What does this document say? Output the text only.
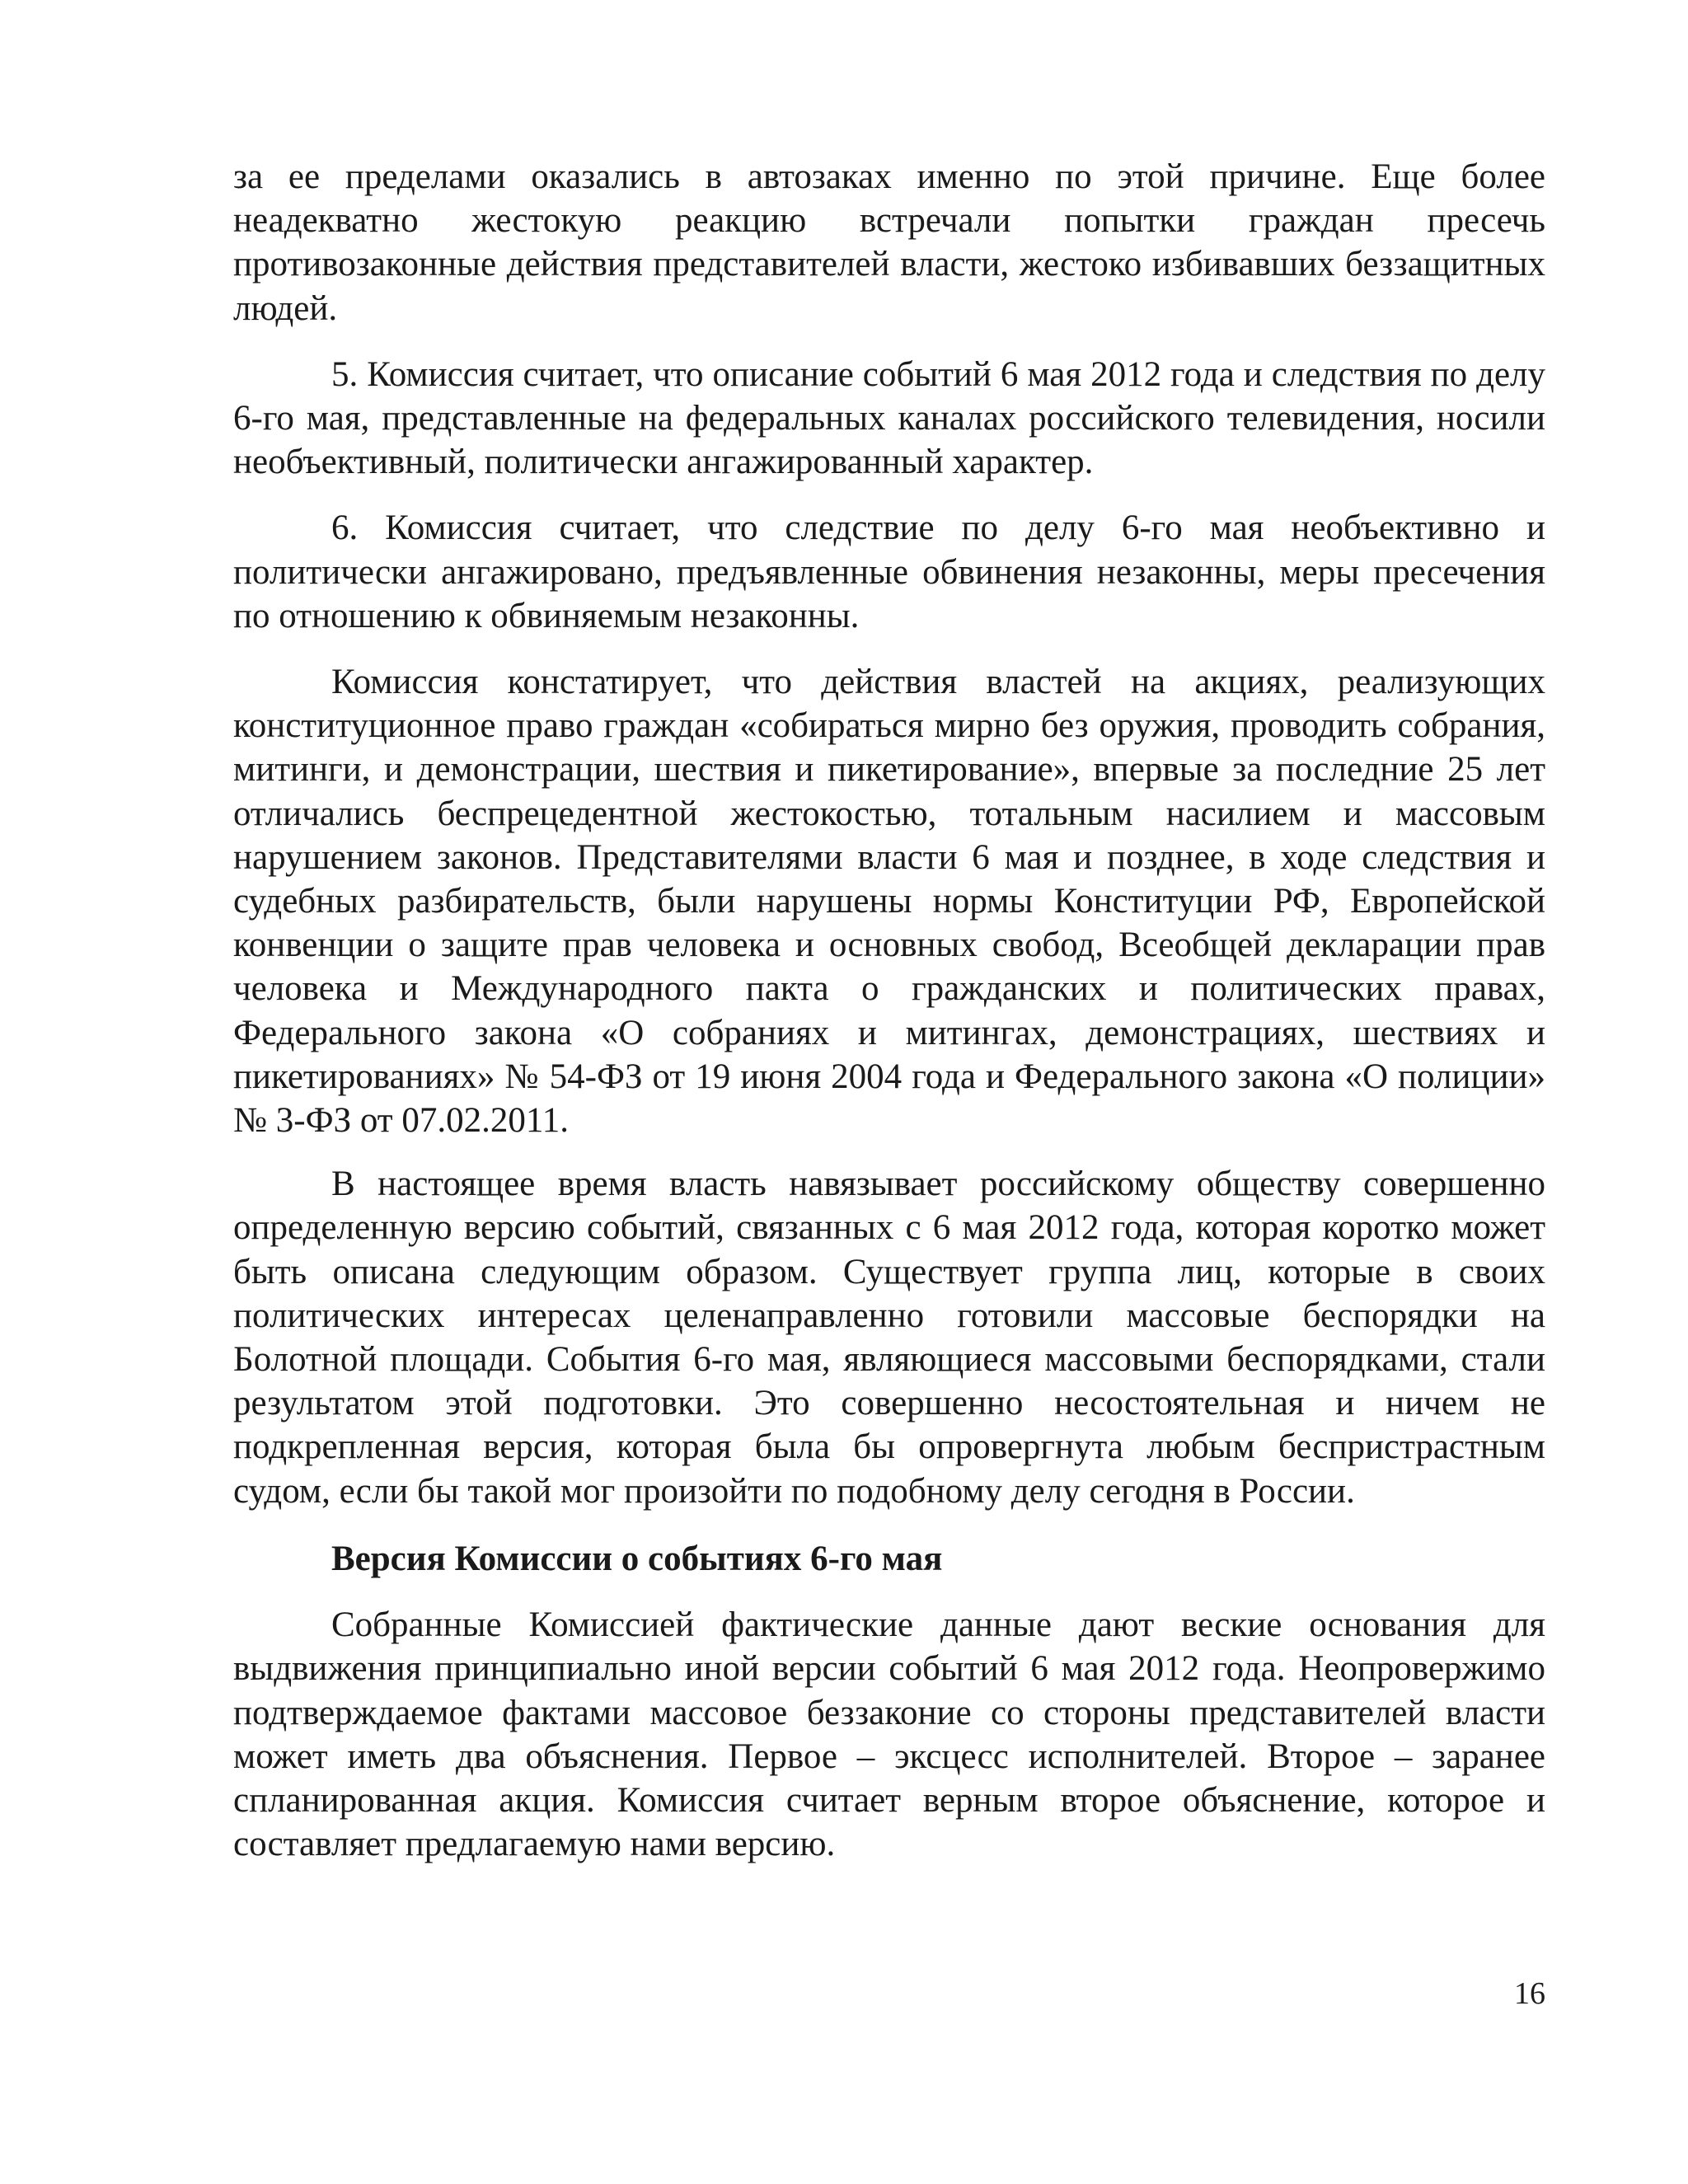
за ее пределами оказались в автозаках именно по этой причине. Еще более неадекватно жестокую реакцию встречали попытки граждан пресечь противозаконные действия представителей власти, жестоко избивавших беззащитных людей.

5. Комиссия считает, что описание событий 6 мая 2012 года и следствия по делу 6-го мая, представленные на федеральных каналах российского телевидения, носили необъективный, политически ангажированный характер.

6. Комиссия считает, что следствие по делу 6-го мая необъективно и политически ангажировано, предъявленные обвинения незаконны, меры пресечения по отношению к обвиняемым незаконны.

Комиссия констатирует, что действия властей на акциях, реализующих конституционное право граждан «собираться мирно без оружия, проводить собрания, митинги, и демонстрации, шествия и пикетирование», впервые за последние 25 лет отличались беспрецедентной жестокостью, тотальным насилием и массовым нарушением законов. Представителями власти 6 мая и позднее, в ходе следствия и судебных разбирательств, были нарушены нормы Конституции РФ, Европейской конвенции о защите прав человека и основных свобод, Всеобщей декларации прав человека и Международного пакта о гражданских и политических правах, Федерального закона «О собраниях и митингах, демонстрациях, шествиях и пикетированиях» № 54-ФЗ от 19 июня 2004 года и Федерального закона «О полиции» № 3-ФЗ от 07.02.2011.

В настоящее время власть навязывает российскому обществу совершенно определенную версию событий, связанных с 6 мая 2012 года, которая коротко может быть описана следующим образом. Существует группа лиц, которые в своих политических интересах целенаправленно готовили массовые беспорядки на Болотной площади. События 6-го мая, являющиеся массовыми беспорядками, стали результатом этой подготовки. Это совершенно несостоятельная и ничем не подкрепленная версия, которая была бы опровергнута любым беспристрастным судом, если бы такой мог произойти по подобному делу сегодня в России.

Версия Комиссии о событиях 6-го мая

Собранные Комиссией фактические данные дают веские основания для выдвижения принципиально иной версии событий 6 мая 2012 года. Неопровержимо подтверждаемое фактами массовое беззаконие со стороны представителей власти может иметь два объяснения. Первое – эксцесс исполнителей. Второе – заранее спланированная акция. Комиссия считает верным второе объяснение, которое и составляет предлагаемую нами версию.

16
